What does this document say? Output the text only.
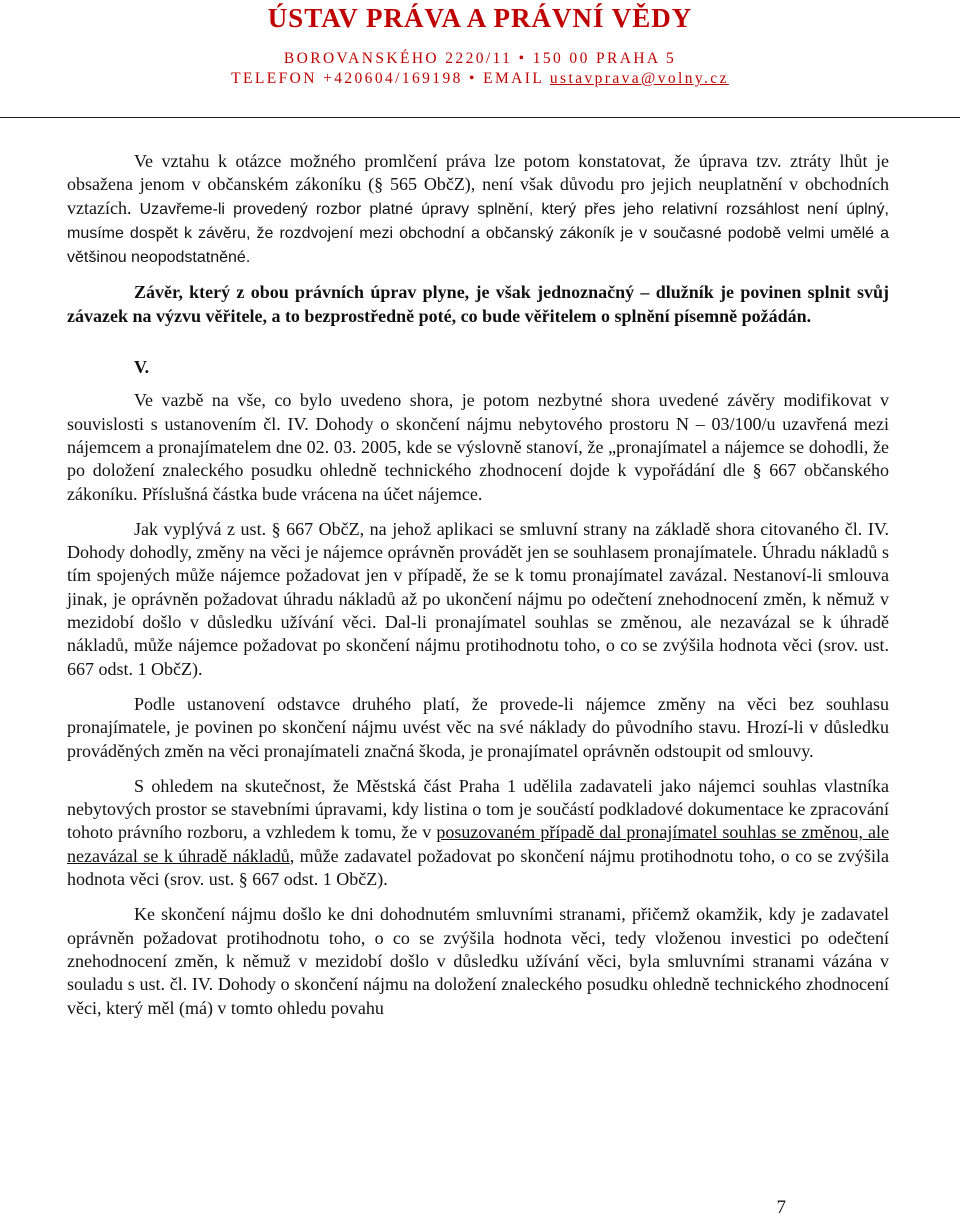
ÚSTAV PRÁVA A PRÁVNÍ VĚDY
BOROVANSKÉHO 2220/11 • 150 00 PRAHA 5
TELEFON +420604/169198 • EMAIL ustavprava@volny.cz

Ve vztahu k otázce možného promlčení práva lze potom konstatovat, že úprava tzv. ztráty lhůt je obsažena jenom v občanském zákoníku (§ 565 ObčZ), není však důvodu pro jejich neuplatnění v obchodních vztazích. Uzavřeme-li provedený rozbor platné úpravy splnění, který přes jeho relativní rozsáhlost není úplný, musíme dospět k závěru, že rozdvojení mezi obchodní a občanský zákoník je v současné podobě velmi umělé a většinou neopodstatněné.

Závěr, který z obou právních úprav plyne, je však jednoznačný – dlužník je povinen splnit svůj závazek na výzvu věřitele, a to bezprostředně poté, co bude věřitelem o splnění písemně požádán.

V.

Ve vazbě na vše, co bylo uvedeno shora, je potom nezbytné shora uvedené závěry modifikovat v souvislosti s ustanovením čl. IV. Dohody o skončení nájmu nebytového prostoru N – 03/100/u uzavřená mezi nájemcem a pronajímatelem dne 02. 03. 2005, kde se výslovně stanoví, že „pronajímatel a nájemce se dohodli, že po doložení znaleckého posudku ohledně technického zhodnocení dojde k vypořádání dle § 667 občanského zákoníku. Příslušná částka bude vrácena na účet nájemce.

Jak vyplývá z ust. § 667 ObčZ, na jehož aplikaci se smluvní strany na základě shora citovaného čl. IV. Dohody dohodly, změny na věci je nájemce oprávněn provádět jen se souhlasem pronajímatele. Úhradu nákladů s tím spojených může nájemce požadovat jen v případě, že se k tomu pronajímatel zavázal. Nestanoví-li smlouva jinak, je oprávněn požadovat úhradu nákladů až po ukončení nájmu po odečtení znehodnocení změn, k němuž v mezidobí došlo v důsledku užívání věci. Dal-li pronajímatel souhlas se změnou, ale nezavázal se k úhradě nákladů, může nájemce požadovat po skončení nájmu protihodnotu toho, o co se zvýšila hodnota věci (srov. ust. 667 odst. 1 ObčZ).

Podle ustanovení odstavce druhého platí, že provede-li nájemce změny na věci bez souhlasu pronajímatele, je povinen po skončení nájmu uvést věc na své náklady do původního stavu. Hrozí-li v důsledku prováděných změn na věci pronajímateli značná škoda, je pronajímatel oprávněn odstoupit od smlouvy.

S ohledem na skutečnost, že Městská část Praha 1 udělila zadavateli jako nájemci souhlas vlastníka nebytových prostor se stavebními úpravami, kdy listina o tom je součástí podkladové dokumentace ke zpracování tohoto právního rozboru, a vzhledem k tomu, že v posuzovaném případě dal pronajímatel souhlas se změnou, ale nezavázal se k úhradě nákladů, může zadavatel požadovat po skončení nájmu protihodnotu toho, o co se zvýšila hodnota věci (srov. ust. § 667 odst. 1 ObčZ).

Ke skončení nájmu došlo ke dni dohodnutém smluvními stranami, přičemž okamžik, kdy je zadavatel oprávněn požadovat protihodnotu toho, o co se zvýšila hodnota věci, tedy vloženou investici po odečtení znehodnocení změn, k němuž v mezidobí došlo v důsledku užívání věci, byla smluvními stranami vázána v souladu s ust. čl. IV. Dohody o skončení nájmu na doložení znaleckého posudku ohledně technického zhodnocení věci, který měl (má) v tomto ohledu povahu

7
